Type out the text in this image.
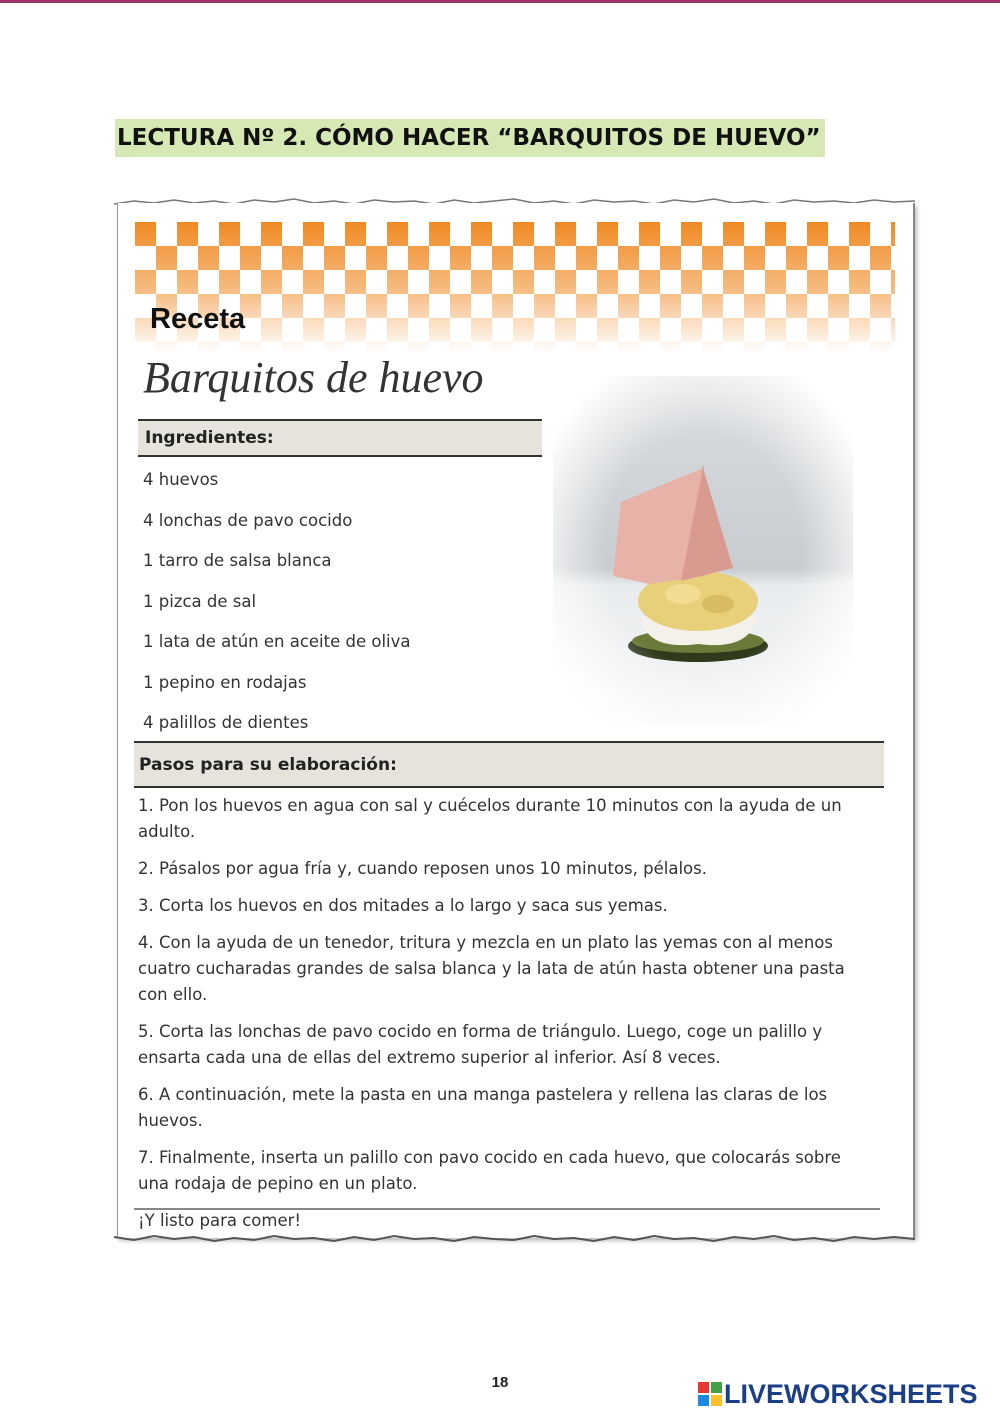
LECTURA Nº 2. CÓMO HACER “BARQUITOS DE HUEVO”
Receta
Barquitos de huevo
Ingredientes:
4 huevos
4 lonchas de pavo cocido
1 tarro de salsa blanca
1 pizca de sal
1 lata de atún en aceite de oliva
1 pepino en rodajas
4 palillos de dientes
Pasos para su elaboración:

1. Pon los huevos en agua con sal y cuécelos durante 10 minutos con la ayuda de un adulto.

2. Pásalos por agua fría y, cuando reposen unos 10 minutos, pélalos.

3. Corta los huevos en dos mitades a lo largo y saca sus yemas.

4. Con la ayuda de un tenedor, tritura y mezcla en un plato las yemas con al menos cuatro cucharadas grandes de salsa blanca y la lata de atún hasta obtener una pasta con ello.

5. Corta las lonchas de pavo cocido en forma de triángulo. Luego, coge un palillo y ensarta cada una de ellas del extremo superior al inferior. Así 8 veces.

6. A continuación, mete la pasta en una manga pastelera y rellena las claras de los huevos.

7. Finalmente, inserta un palillo con pavo cocido en cada huevo, que colocarás sobre una rodaja de pepino en un plato.

¡Y listo para comer!

18	LIVEWORKSHEETS
